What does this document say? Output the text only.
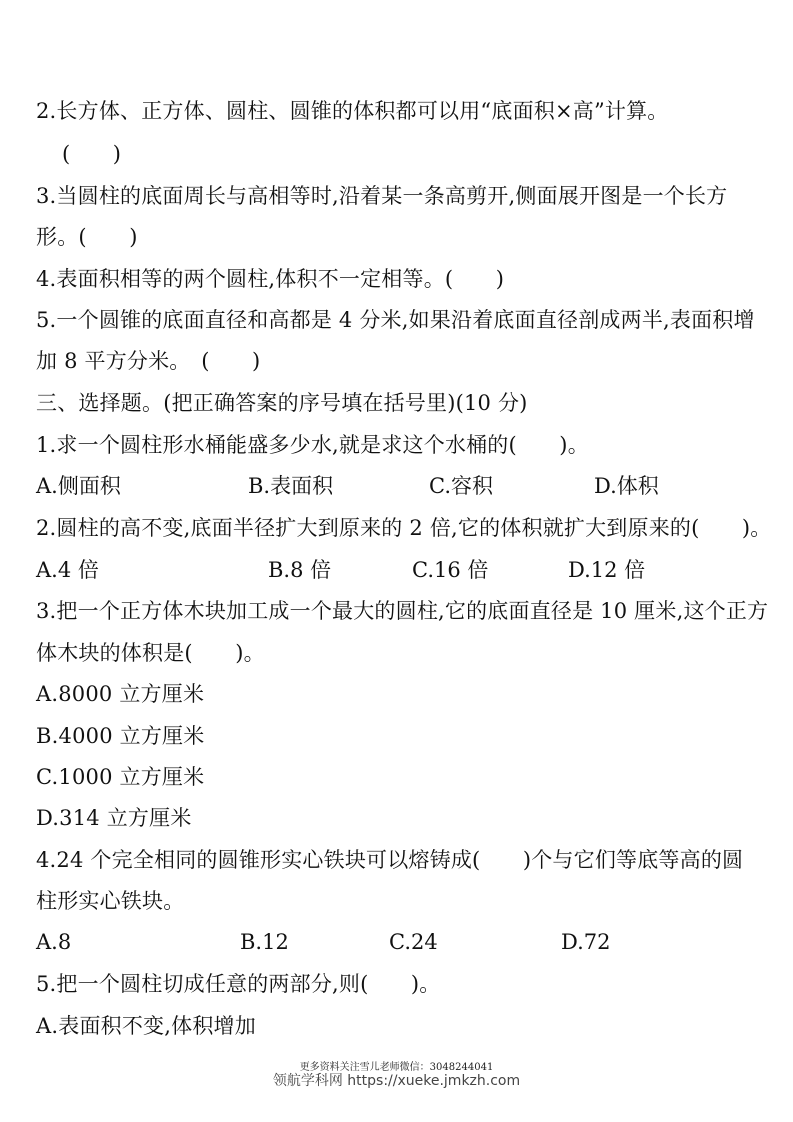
2.长方体、正方体、圆柱、圆锥的体积都可以用“底面积×高”计算。
(　　)
3.当圆柱的底面周长与高相等时,沿着某一条高剪开,侧面展开图是一个长方
形。(　　)
4.表面积相等的两个圆柱,体积不一定相等。(　　)
5.一个圆锥的底面直径和高都是 4 分米,如果沿着底面直径剖成两半,表面积增
加 8 平方分米。　(　　)
三、选择题。(把正确答案的序号填在括号里)(10 分)
1.求一个圆柱形水桶能盛多少水,就是求这个水桶的(　　)。
A.侧面积	B.表面积	C.容积	D.体积
2.圆柱的高不变,底面半径扩大到原来的 2 倍,它的体积就扩大到原来的(　　)。
A.4 倍	B.8 倍	C.16 倍	D.12 倍
3.把一个正方体木块加工成一个最大的圆柱,它的底面直径是 10 厘米,这个正方
体木块的体积是(　　)。
A.8000 立方厘米
B.4000 立方厘米
C.1000 立方厘米
D.314 立方厘米
4.24 个完全相同的圆锥形实心铁块可以熔铸成(　　)个与它们等底等高的圆
柱形实心铁块。
A.8	B.12	C.24	D.72
5.把一个圆柱切成任意的两部分,则(　　)。
A.表面积不变,体积增加
更多资料关注雪儿老师微信：3048244041
领航学科网 https://xueke.jmkzh.com
